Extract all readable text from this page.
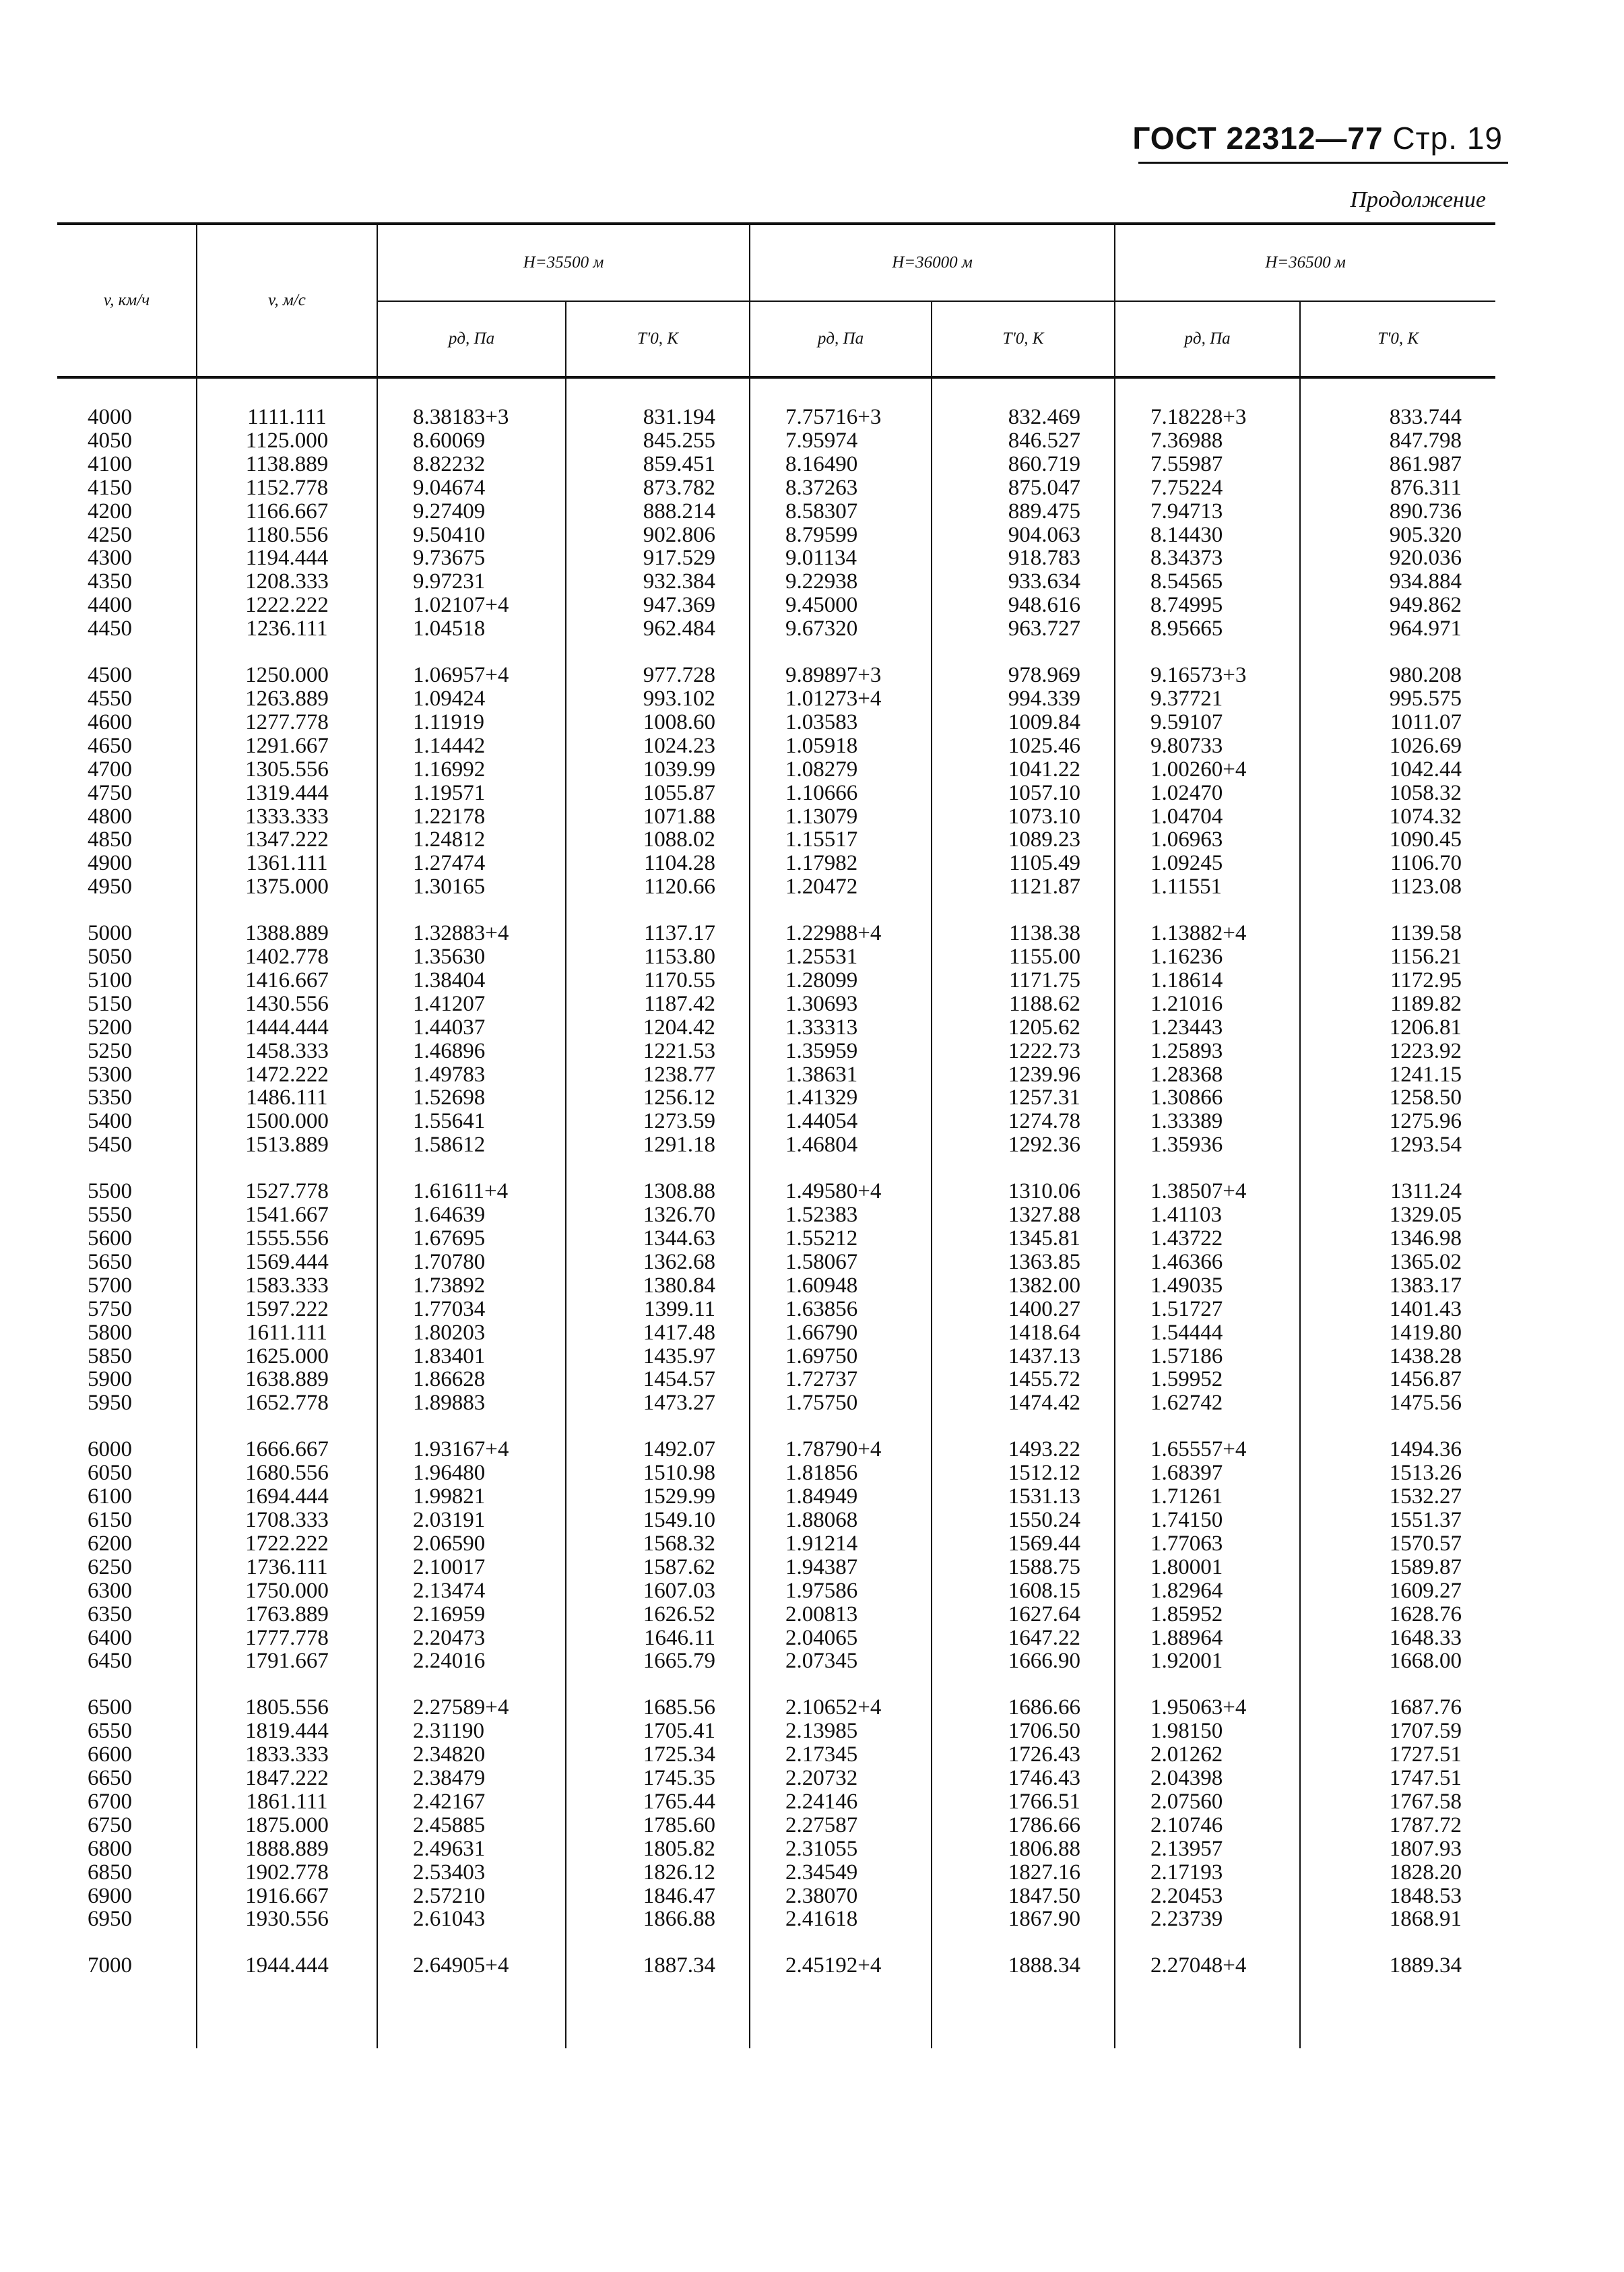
ГОСТ 22312—77 Стр. 19
Продолжение
v, км/ч	v, м/с	H=35500 м		H=36000 м		H=36500 м	
		pд, Па	T'0, K	pд, Па	T'0, K	pд, Па	T'0, K

4000	1111.111	8.38183+3	831.194	7.75716+3	832.469	7.18228+3	833.744
4050	1125.000	8.60069	845.255	7.95974	846.527	7.36988	847.798
4100	1138.889	8.82232	859.451	8.16490	860.719	7.55987	861.987
4150	1152.778	9.04674	873.782	8.37263	875.047	7.75224	876.311
4200	1166.667	9.27409	888.214	8.58307	889.475	7.94713	890.736
4250	1180.556	9.50410	902.806	8.79599	904.063	8.14430	905.320
4300	1194.444	9.73675	917.529	9.01134	918.783	8.34373	920.036
4350	1208.333	9.97231	932.384	9.22938	933.634	8.54565	934.884
4400	1222.222	1.02107+4	947.369	9.45000	948.616	8.74995	949.862
4450	1236.111	1.04518	962.484	9.67320	963.727	8.95665	964.971

4500	1250.000	1.06957+4	977.728	9.89897+3	978.969	9.16573+3	980.208
4550	1263.889	1.09424	993.102	1.01273+4	994.339	9.37721	995.575
4600	1277.778	1.11919	1008.60	1.03583	1009.84	9.59107	1011.07
4650	1291.667	1.14442	1024.23	1.05918	1025.46	9.80733	1026.69
4700	1305.556	1.16992	1039.99	1.08279	1041.22	1.00260+4	1042.44
4750	1319.444	1.19571	1055.87	1.10666	1057.10	1.02470	1058.32
4800	1333.333	1.22178	1071.88	1.13079	1073.10	1.04704	1074.32
4850	1347.222	1.24812	1088.02	1.15517	1089.23	1.06963	1090.45
4900	1361.111	1.27474	1104.28	1.17982	1105.49	1.09245	1106.70
4950	1375.000	1.30165	1120.66	1.20472	1121.87	1.11551	1123.08

5000	1388.889	1.32883+4	1137.17	1.22988+4	1138.38	1.13882+4	1139.58
5050	1402.778	1.35630	1153.80	1.25531	1155.00	1.16236	1156.21
5100	1416.667	1.38404	1170.55	1.28099	1171.75	1.18614	1172.95
5150	1430.556	1.41207	1187.42	1.30693	1188.62	1.21016	1189.82
5200	1444.444	1.44037	1204.42	1.33313	1205.62	1.23443	1206.81
5250	1458.333	1.46896	1221.53	1.35959	1222.73	1.25893	1223.92
5300	1472.222	1.49783	1238.77	1.38631	1239.96	1.28368	1241.15
5350	1486.111	1.52698	1256.12	1.41329	1257.31	1.30866	1258.50
5400	1500.000	1.55641	1273.59	1.44054	1274.78	1.33389	1275.96
5450	1513.889	1.58612	1291.18	1.46804	1292.36	1.35936	1293.54

5500	1527.778	1.61611+4	1308.88	1.49580+4	1310.06	1.38507+4	1311.24
5550	1541.667	1.64639	1326.70	1.52383	1327.88	1.41103	1329.05
5600	1555.556	1.67695	1344.63	1.55212	1345.81	1.43722	1346.98
5650	1569.444	1.70780	1362.68	1.58067	1363.85	1.46366	1365.02
5700	1583.333	1.73892	1380.84	1.60948	1382.00	1.49035	1383.17
5750	1597.222	1.77034	1399.11	1.63856	1400.27	1.51727	1401.43
5800	1611.111	1.80203	1417.48	1.66790	1418.64	1.54444	1419.80
5850	1625.000	1.83401	1435.97	1.69750	1437.13	1.57186	1438.28
5900	1638.889	1.86628	1454.57	1.72737	1455.72	1.59952	1456.87
5950	1652.778	1.89883	1473.27	1.75750	1474.42	1.62742	1475.56

6000	1666.667	1.93167+4	1492.07	1.78790+4	1493.22	1.65557+4	1494.36
6050	1680.556	1.96480	1510.98	1.81856	1512.12	1.68397	1513.26
6100	1694.444	1.99821	1529.99	1.84949	1531.13	1.71261	1532.27
6150	1708.333	2.03191	1549.10	1.88068	1550.24	1.74150	1551.37
6200	1722.222	2.06590	1568.32	1.91214	1569.44	1.77063	1570.57
6250	1736.111	2.10017	1587.62	1.94387	1588.75	1.80001	1589.87
6300	1750.000	2.13474	1607.03	1.97586	1608.15	1.82964	1609.27
6350	1763.889	2.16959	1626.52	2.00813	1627.64	1.85952	1628.76
6400	1777.778	2.20473	1646.11	2.04065	1647.22	1.88964	1648.33
6450	1791.667	2.24016	1665.79	2.07345	1666.90	1.92001	1668.00

6500	1805.556	2.27589+4	1685.56	2.10652+4	1686.66	1.95063+4	1687.76
6550	1819.444	2.31190	1705.41	2.13985	1706.50	1.98150	1707.59
6600	1833.333	2.34820	1725.34	2.17345	1726.43	2.01262	1727.51
6650	1847.222	2.38479	1745.35	2.20732	1746.43	2.04398	1747.51
6700	1861.111	2.42167	1765.44	2.24146	1766.51	2.07560	1767.58
6750	1875.000	2.45885	1785.60	2.27587	1786.66	2.10746	1787.72
6800	1888.889	2.49631	1805.82	2.31055	1806.88	2.13957	1807.93
6850	1902.778	2.53403	1826.12	2.34549	1827.16	2.17193	1828.20
6900	1916.667	2.57210	1846.47	2.38070	1847.50	2.20453	1848.53
6950	1930.556	2.61043	1866.88	2.41618	1867.90	2.23739	1868.91

7000	1944.444	2.64905+4	1887.34	2.45192+4	1888.34	2.27048+4	1889.34
